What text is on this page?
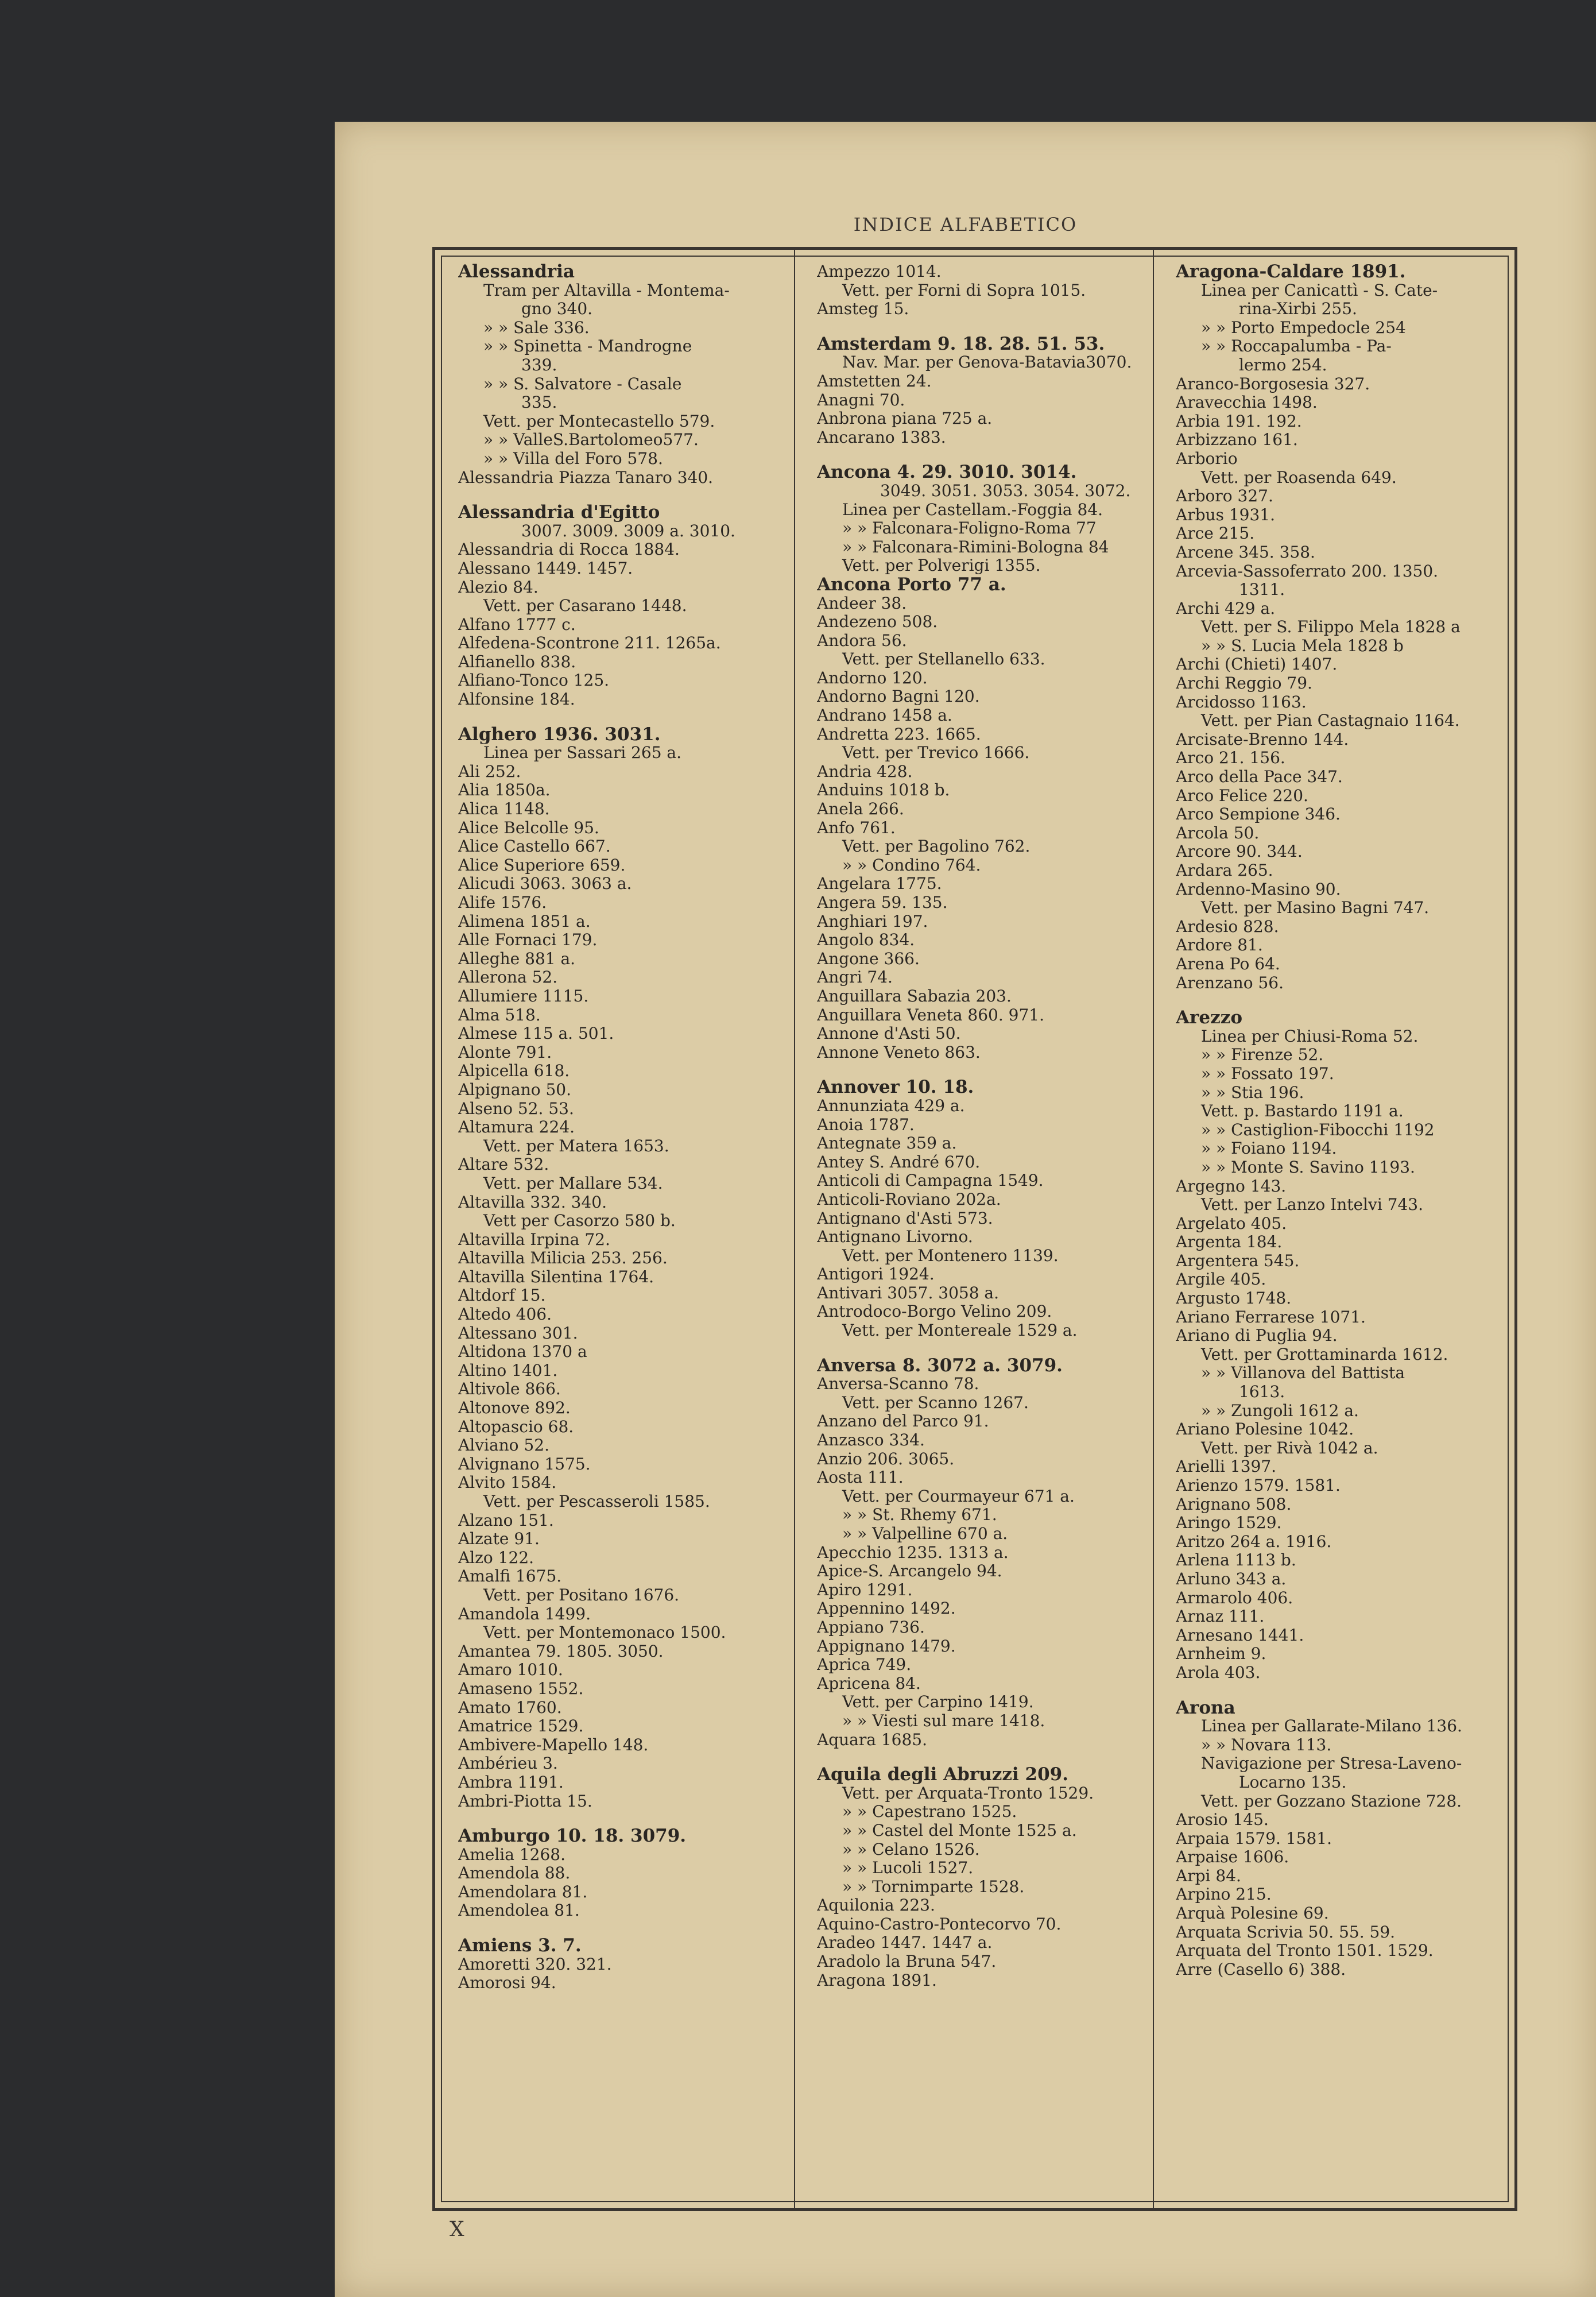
INDICE ALFABETICO
Alessandria
Tram per Altavilla - Montema-
gno 340.
» » Sale 336.
» » Spinetta - Mandrogne
339.
» » S. Salvatore - Casale
335.
Vett. per Montecastello 579.
» » ValleS.Bartolomeo577.
» » Villa del Foro 578.
Alessandria Piazza Tanaro 340.
Alessandria d'Egitto
3007. 3009. 3009 a. 3010.
Alessandria di Rocca 1884.
Alessano 1449. 1457.
Alezio 84.
Vett. per Casarano 1448.
Alfano 1777 c.
Alfedena-Scontrone 211. 1265a.
Alfianello 838.
Alfiano-Tonco 125.
Alfonsine 184.
Alghero 1936. 3031.
Linea per Sassari 265 a.
Ali 252.
Alia 1850a.
Alica 1148.
Alice Belcolle 95.
Alice Castello 667.
Alice Superiore 659.
Alicudi 3063. 3063 a.
Alife 1576.
Alimena 1851 a.
Alle Fornaci 179.
Alleghe 881 a.
Allerona 52.
Allumiere 1115.
Alma 518.
Almese 115 a. 501.
Alonte 791.
Alpicella 618.
Alpignano 50.
Alseno 52. 53.
Altamura 224.
Vett. per Matera 1653.
Altare 532.
Vett. per Mallare 534.
Altavilla 332. 340.
Vett per Casorzo 580 b.
Altavilla Irpina 72.
Altavilla Milicia 253. 256.
Altavilla Silentina 1764.
Altdorf 15.
Altedo 406.
Altessano 301.
Altidona 1370 a
Altino 1401.
Altivole 866.
Altonove 892.
Altopascio 68.
Alviano 52.
Alvignano 1575.
Alvito 1584.
Vett. per Pescasseroli 1585.
Alzano 151.
Alzate 91.
Alzo 122.
Amalfi 1675.
Vett. per Positano 1676.
Amandola 1499.
Vett. per Montemonaco 1500.
Amantea 79. 1805. 3050.
Amaro 1010.
Amaseno 1552.
Amato 1760.
Amatrice 1529.
Ambivere-Mapello 148.
Ambérieu 3.
Ambra 1191.
Ambri-Piotta 15.
Amburgo 10. 18. 3079.
Amelia 1268.
Amendola 88.
Amendolara 81.
Amendolea 81.
Amiens 3. 7.
Amoretti 320. 321.
Amorosi 94.
Ampezzo 1014.
Vett. per Forni di Sopra 1015.
Amsteg 15.
Amsterdam 9. 18. 28. 51. 53.
Nav. Mar. per Genova-Batavia3070.
Amstetten 24.
Anagni 70.
Anbrona piana 725 a.
Ancarano 1383.
Ancona 4. 29. 3010. 3014.
3049. 3051. 3053. 3054. 3072.
Linea per Castellam.-Foggia 84.
» » Falconara-Foligno-Roma 77
» » Falconara-Rimini-Bologna 84
Vett. per Polverigi 1355.
Ancona Porto 77 a.
Andeer 38.
Andezeno 508.
Andora 56.
Vett. per Stellanello 633.
Andorno 120.
Andorno Bagni 120.
Andrano 1458 a.
Andretta 223. 1665.
Vett. per Trevico 1666.
Andria 428.
Anduins 1018 b.
Anela 266.
Anfo 761.
Vett. per Bagolino 762.
» » Condino 764.
Angelara 1775.
Angera 59. 135.
Anghiari 197.
Angolo 834.
Angone 366.
Angri 74.
Anguillara Sabazia 203.
Anguillara Veneta 860. 971.
Annone d'Asti 50.
Annone Veneto 863.
Annover 10. 18.
Annunziata 429 a.
Anoia 1787.
Antegnate 359 a.
Antey S. André 670.
Anticoli di Campagna 1549.
Anticoli-Roviano 202a.
Antignano d'Asti 573.
Antignano Livorno.
Vett. per Montenero 1139.
Antigori 1924.
Antivari 3057. 3058 a.
Antrodoco-Borgo Velino 209.
Vett. per Montereale 1529 a.
Anversa 8. 3072 a. 3079.
Anversa-Scanno 78.
Vett. per Scanno 1267.
Anzano del Parco 91.
Anzasco 334.
Anzio 206. 3065.
Aosta 111.
Vett. per Courmayeur 671 a.
» » St. Rhemy 671.
» » Valpelline 670 a.
Apecchio 1235. 1313 a.
Apice-S. Arcangelo 94.
Apiro 1291.
Appennino 1492.
Appiano 736.
Appignano 1479.
Aprica 749.
Apricena 84.
Vett. per Carpino 1419.
» » Viesti sul mare 1418.
Aquara 1685.
Aquila degli Abruzzi 209.
Vett. per Arquata-Tronto 1529.
» » Capestrano 1525.
» » Castel del Monte 1525 a.
» » Celano 1526.
» » Lucoli 1527.
» » Tornimparte 1528.
Aquilonia 223.
Aquino-Castro-Pontecorvo 70.
Aradeo 1447. 1447 a.
Aradolo la Bruna 547.
Aragona 1891.
Aragona-Caldare 1891.
Linea per Canicattì - S. Cate-
rina-Xirbi 255.
» » Porto Empedocle 254
» » Roccapalumba - Pa-
lermo 254.
Aranco-Borgosesia 327.
Aravecchia 1498.
Arbia 191. 192.
Arbizzano 161.
Arborio
Vett. per Roasenda 649.
Arboro 327.
Arbus 1931.
Arce 215.
Arcene 345. 358.
Arcevia-Sassoferrato 200. 1350.
1311.
Archi 429 a.
Vett. per S. Filippo Mela 1828 a
» » S. Lucia Mela 1828 b
Archi (Chieti) 1407.
Archi Reggio 79.
Arcidosso 1163.
Vett. per Pian Castagnaio 1164.
Arcisate-Brenno 144.
Arco 21. 156.
Arco della Pace 347.
Arco Felice 220.
Arco Sempione 346.
Arcola 50.
Arcore 90. 344.
Ardara 265.
Ardenno-Masino 90.
Vett. per Masino Bagni 747.
Ardesio 828.
Ardore 81.
Arena Po 64.
Arenzano 56.
Arezzo
Linea per Chiusi-Roma 52.
» » Firenze 52.
» » Fossato 197.
» » Stia 196.
Vett. p. Bastardo 1191 a.
» » Castiglion-Fibocchi 1192
» » Foiano 1194.
» » Monte S. Savino 1193.
Argegno 143.
Vett. per Lanzo Intelvi 743.
Argelato 405.
Argenta 184.
Argentera 545.
Argile 405.
Argusto 1748.
Ariano Ferrarese 1071.
Ariano di Puglia 94.
Vett. per Grottaminarda 1612.
» » Villanova del Battista
1613.
» » Zungoli 1612 a.
Ariano Polesine 1042.
Vett. per Rivà 1042 a.
Arielli 1397.
Arienzo 1579. 1581.
Arignano 508.
Aringo 1529.
Aritzo 264 a. 1916.
Arlena 1113 b.
Arluno 343 a.
Armarolo 406.
Arnaz 111.
Arnesano 1441.
Arnheim 9.
Arola 403.
Arona
Linea per Gallarate-Milano 136.
» » Novara 113.
Navigazione per Stresa-Laveno-
Locarno 135.
Vett. per Gozzano Stazione 728.
Arosio 145.
Arpaia 1579. 1581.
Arpaise 1606.
Arpi 84.
Arpino 215.
Arquà Polesine 69.
Arquata Scrivia 50. 55. 59.
Arquata del Tronto 1501. 1529.
Arre (Casello 6) 388.
X
